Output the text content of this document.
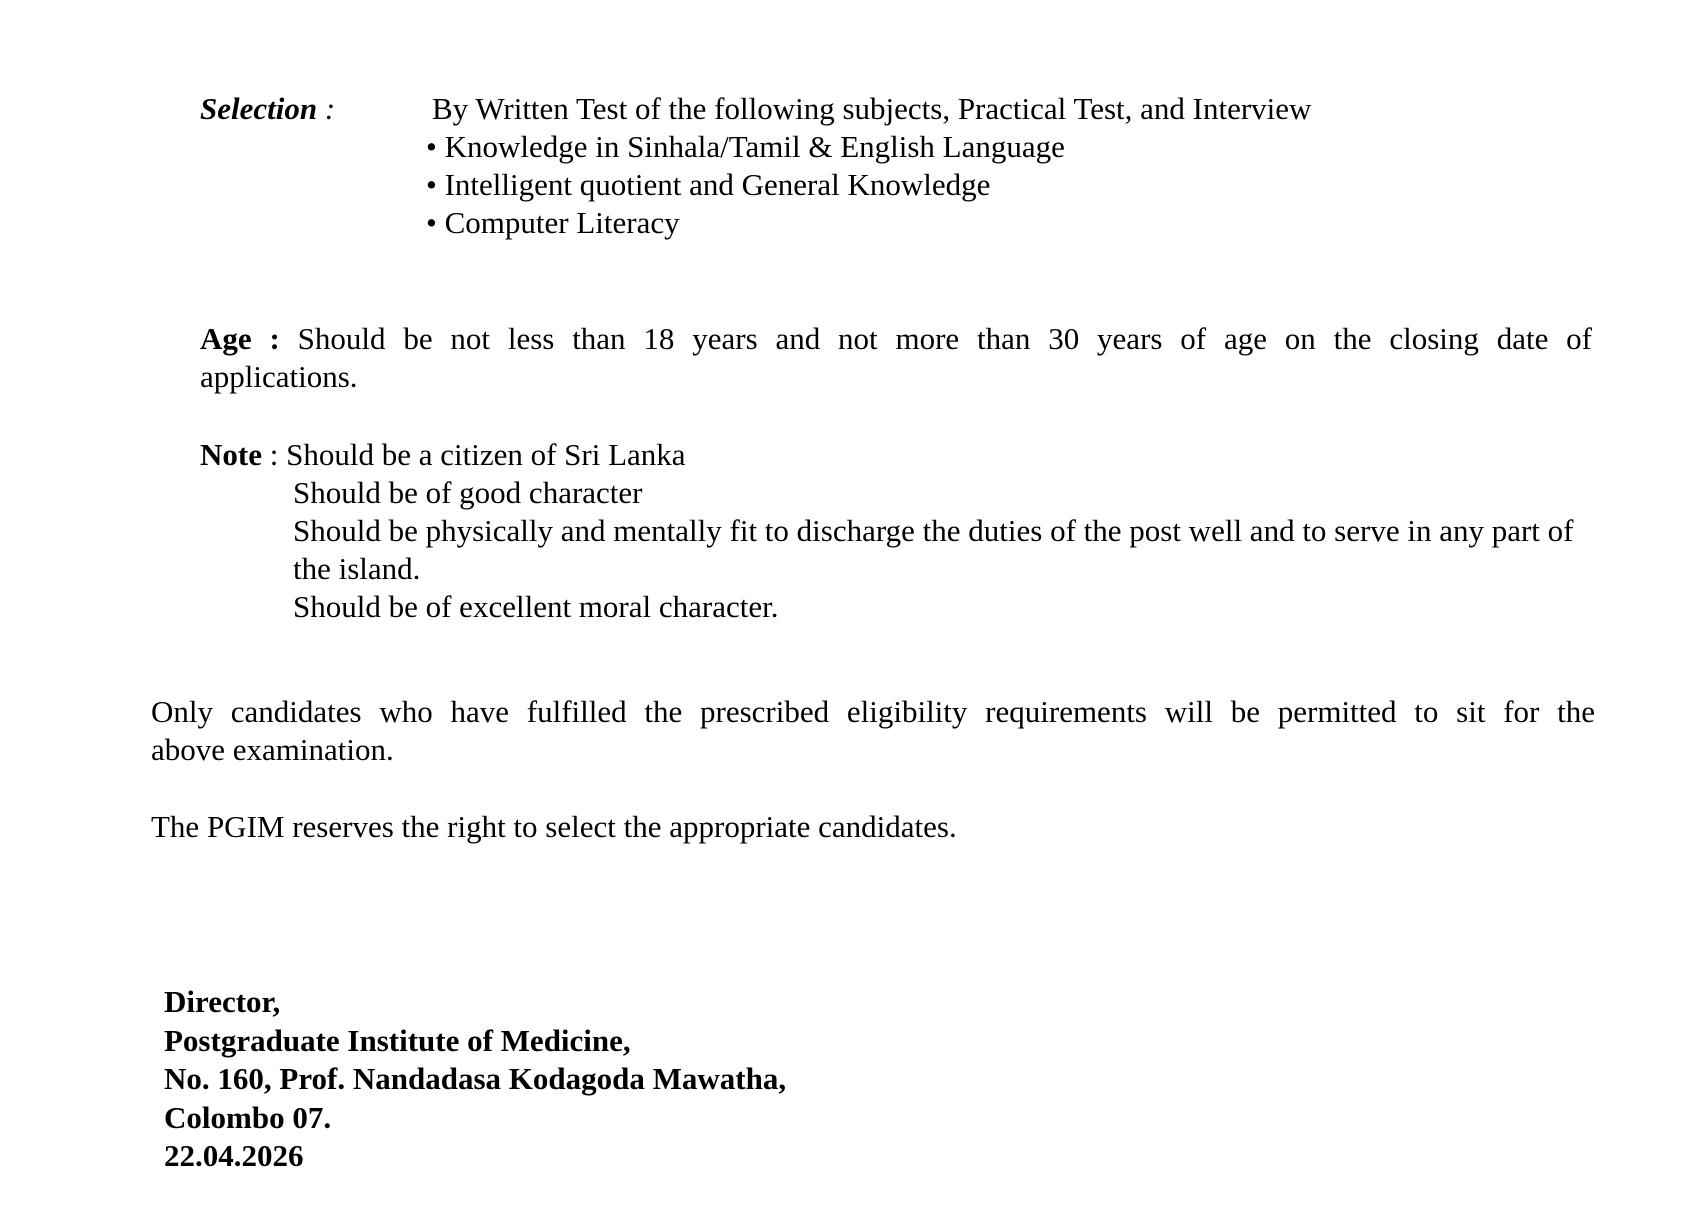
Selection :	By Written Test of the following subjects, Practical Test, and Interview
• Knowledge in Sinhala/Tamil & English Language
• Intelligent quotient and General Knowledge
• Computer Literacy
Age : Should be not less than 18 years and not more than 30 years of age on the closing date of
applications.
Note : Should be a citizen of Sri Lanka
Should be of good character
Should be physically and mentally fit to discharge the duties of the post well and to serve in any part of the island.
Should be of excellent moral character.
Only candidates who have fulfilled the prescribed eligibility requirements will be permitted to sit for the
above examination.
The PGIM reserves the right to select the appropriate candidates.
Director,
Postgraduate Institute of Medicine,
No. 160, Prof. Nandadasa Kodagoda Mawatha,
Colombo 07.
22.04.2026
